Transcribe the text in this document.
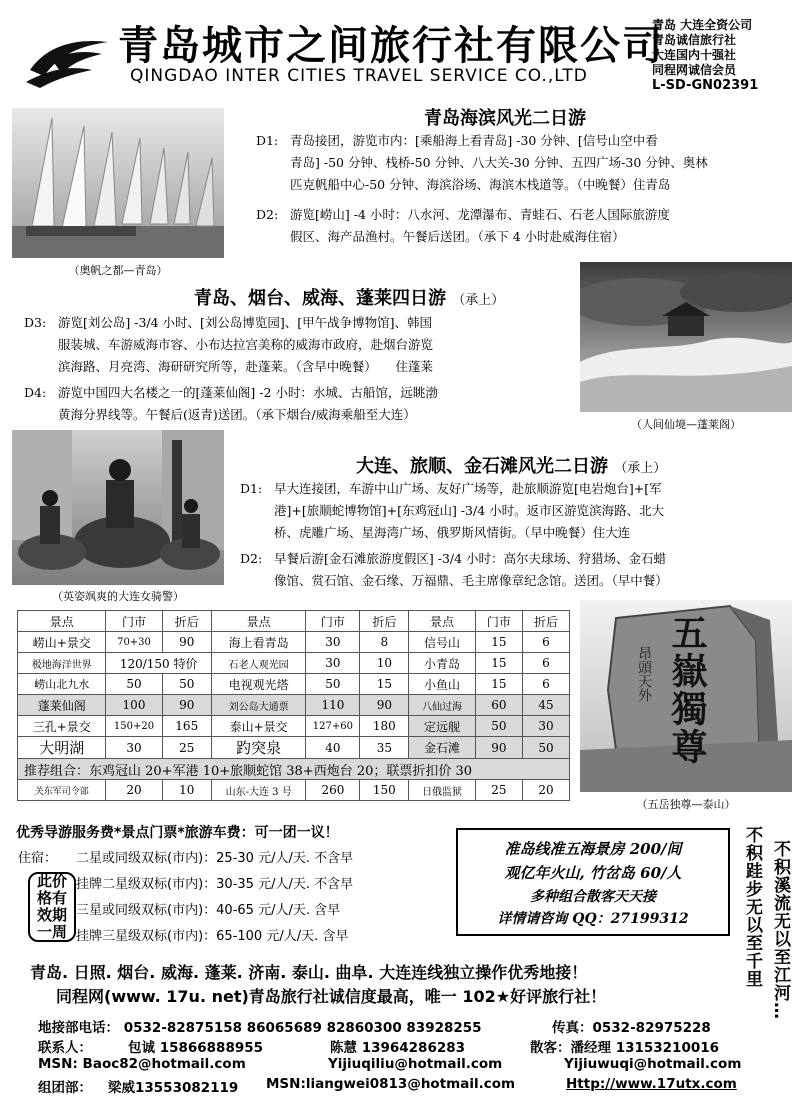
青岛城市之间旅行社有限公司
QINGDAO INTER CITIES TRAVEL SERVICE CO.,LTD
青岛 大连全资公司
青岛诚信旅行社
大连国内十强社
同程网诚信会员
L-SD-GN02391
（奥帆之都—青岛）
青岛海滨风光二日游
D1: 青岛接团，游览市内：[乘船海上看青岛] -30 分钟、[信号山空中看
青岛] -50 分钟、栈桥-50 分钟、八大关-30 分钟、五四广场-30 分钟、奥林
匹克帆船中心-50 分钟、海滨浴场、海滨木栈道等。（中晚餐）住青岛
D2: 游览[崂山] -4 小时：八水河、龙潭瀑布、青蛙石、石老人国际旅游度
假区、海产品渔村。午餐后送团。（承下 4 小时赴威海住宿）
青岛、烟台、威海、蓬莱四日游 （承上）
D3: 游览[刘公岛] -3/4 小时、[刘公岛博览园]、[甲午战争博物馆]、韩国
服装城、车游威海市容、小布达拉宫美称的威海市政府，赴烟台游览
滨海路、月亮湾、海研研究所等，赴蓬莱。（含早中晚餐）　　住蓬莱
D4: 游览中国四大名楼之一的[蓬莱仙阁] -2 小时：水城、古船馆，远眺渤
黄海分界线等。午餐后(返青)送团。（承下烟台/威海乘船至大连）
（人间仙境—蓬莱阁）
（英姿飒爽的大连女骑警）
大连、旅顺、金石滩风光二日游 （承上）
D1: 早大连接团，车游中山广场、友好广场等，赴旅顺游览[电岩炮台]+[军
港]+[旅顺蛇博物馆]+[东鸡冠山] -3/4 小时。返市区游览滨海路、北大
桥、虎雕广场、星海湾广场、俄罗斯风情街。（早中晚餐）住大连
D2: 早餐后游[金石滩旅游度假区] -3/4 小时：高尔夫球场、狩猎场、金石蜡
像馆、赏石馆、金石缘、万福鼎、毛主席像章纪念馆。送团。（早中餐）
景点	门市	折后	景点	门市	折后	景点	门市	折后
崂山+景交	70+30	90	海上看青岛	30	8	信号山	15	6
极地海洋世界	120/150 特价		石老人观光园	30	10	小青岛	15	6
崂山北九水	50	50	电视观光塔	50	15	小鱼山	15	6
蓬莱仙阁	100	90	刘公岛大通票	110	90	八仙过海	60	45
三孔+景交	150+20	165	泰山+景交	127+60	180	定远舰	50	30
大明湖	30	25	趵突泉	40	35	金石滩	90	50
推荐组合：东鸡冠山 20+军港 10+旅顺蛇馆 38+西炮台 20；联票折扣价 30								
关东军司令部	20	10	山东-大连 3 号	260	150	日俄监狱	25	20
五嶽獨尊
昂頭天外
（五岳独尊—泰山）
优秀导游服务费*景点门票*旅游车费：可一团一议！
住宿：
此价格有效期一周
二星或同级双标(市内)：25-30 元/人/天. 不含早
挂牌二星级双标(市内)：30-35 元/人/天. 不含早
三星或同级双标(市内)：40-65 元/人/天. 含早
挂牌三星级双标(市内)：65-100 元/人/天. 含早
准岛线准五海景房 200/间
观亿年火山, 竹岔岛 60/人
多种组合散客天天接
详情请咨询 QQ：27199312	不积跬步无以至千里 不积溪流无以至江河…
青岛. 日照. 烟台. 威海. 蓬莱. 济南. 泰山. 曲阜. 大连连线独立操作优秀地接！
同程网(www. 17u. net)青岛旅行社诚信度最高，唯一 102★好评旅行社！
地接部电话： 0532-82875158 86065689 82860300 83928255	传真：0532-82975228
联系人：	包诚 15866888955	陈慧 13964286283	散客：潘经理 13153210016
MSN: Baoc82@hotmail.com	Yijiuqiliu@hotmail.com	Yijiuwuqi@hotmail.com
组团部： 梁威13553082119 MSN:liangwei0813@hotmail.com	Http://www.17utx.com
